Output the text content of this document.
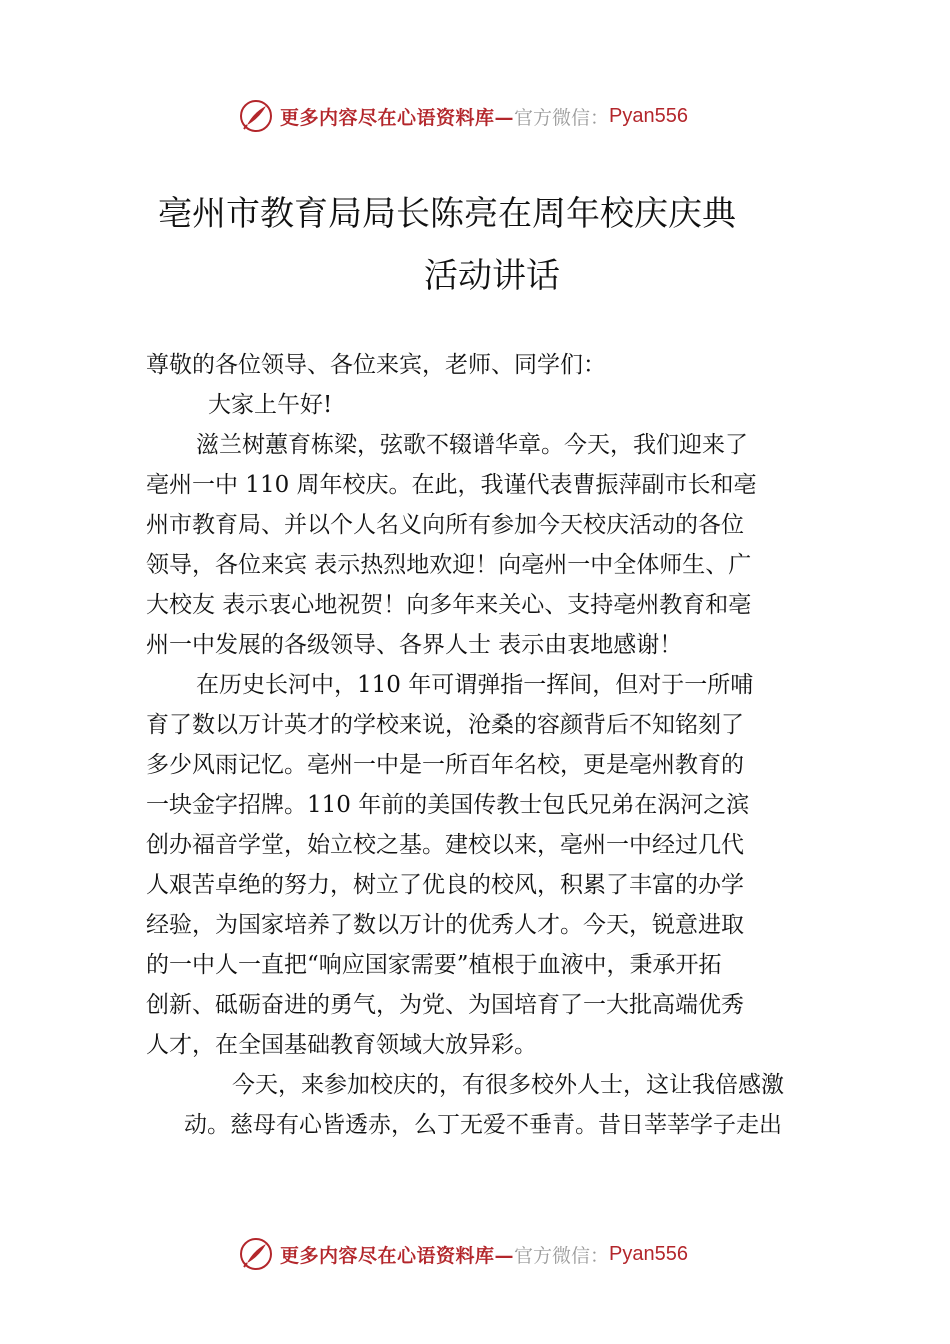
更多内容尽在心语资料库— 官方微信： Pyan556
亳州市教育局局长陈亮在周年校庆庆典
活动讲话
尊敬的各位领导、各位来宾，老师、同学们：
大家上午好!
滋兰树蕙育栋梁，弦歌不辍谱华章。今天，我们迎来了
亳州一中 110 周年校庆。在此，我谨代表曹振萍副市长和亳
州市教育局、并以个人名义向所有参加今天校庆活动的各位
领导，各位来宾 表示热烈地欢迎！向亳州一中全体师生、广
大校友 表示衷心地祝贺！向多年来关心、支持亳州教育和亳
州一中发展的各级领导、各界人士 表示由衷地感谢！
在历史长河中，110 年可谓弹指一挥间，但对于一所哺
育了数以万计英才的学校来说，沧桑的容颜背后不知铭刻了
多少风雨记忆。亳州一中是一所百年名校，更是亳州教育的
一块金字招牌。110 年前的美国传教士包氏兄弟在涡河之滨
创办福音学堂，始立校之基。建校以来，亳州一中经过几代
人艰苦卓绝的努力，树立了优良的校风，积累了丰富的办学
经验，为国家培养了数以万计的优秀人才。今天，锐意进取
的一中人一直把“响应国家需要”植根于血液中，秉承开拓
创新、砥砺奋进的勇气，为党、为国培育了一大批高端优秀
人才，在全国基础教育领域大放异彩。
今天，来参加校庆的，有很多校外人士，这让我倍感激
动。慈母有心皆透赤，么丁无爱不垂青。昔日莘莘学子走出
更多内容尽在心语资料库— 官方微信： Pyan556
